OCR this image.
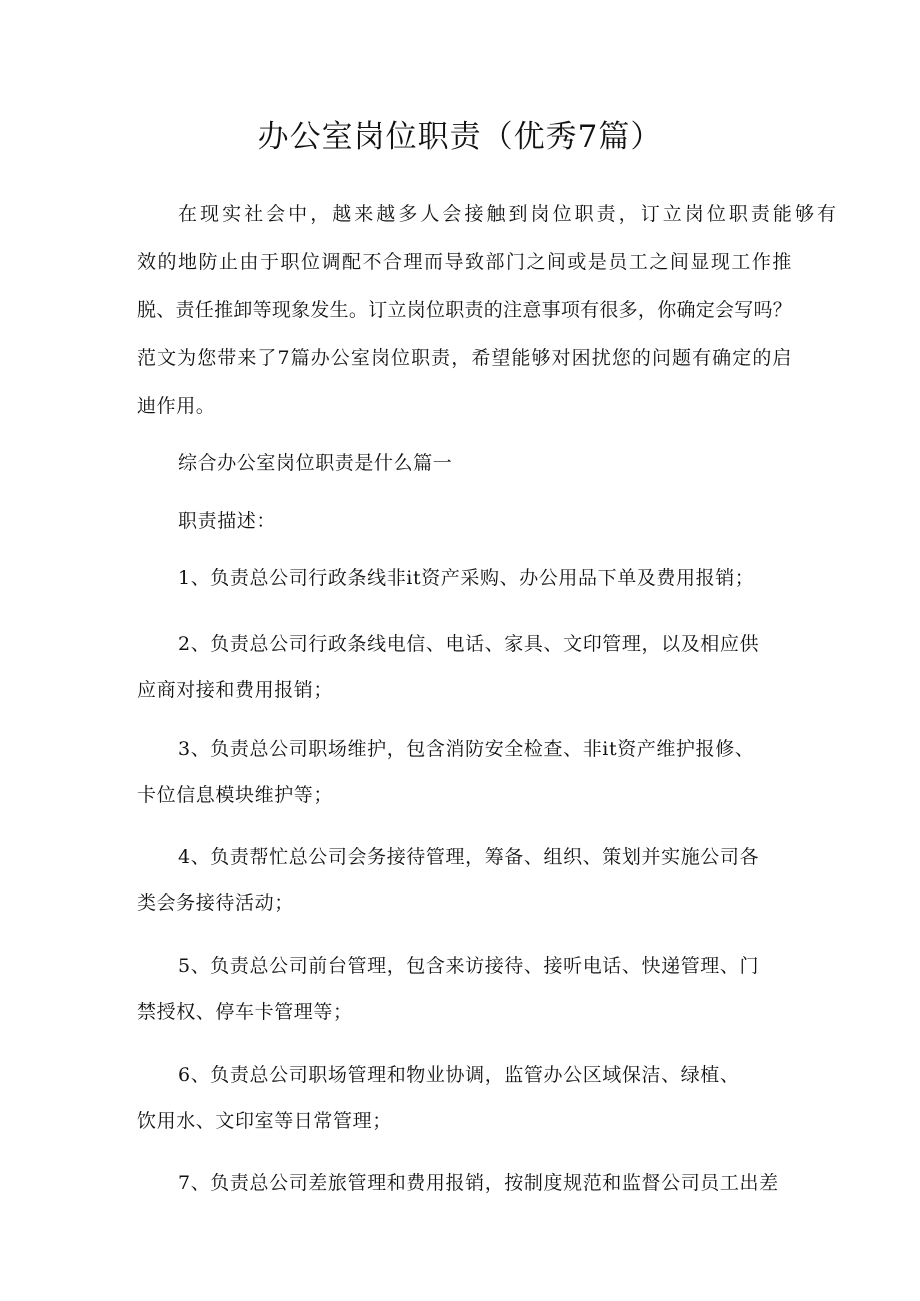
办公室岗位职责（优秀7篇）
在现实社会中，越来越多人会接触到岗位职责，订立岗位职责能够有
效的地防止由于职位调配不合理而导致部门之间或是员工之间显现工作推
脱、责任推卸等现象发生。订立岗位职责的注意事项有很多，你确定会写吗？
范文为您带来了7篇办公室岗位职责，希望能够对困扰您的问题有确定的启
迪作用。

综合办公室岗位职责是什么篇一

职责描述：

1、负责总公司行政条线非it资产采购、办公用品下单及费用报销；
2、负责总公司行政条线电信、电话、家具、文印管理，以及相应供
应商对接和费用报销；
3、负责总公司职场维护，包含消防安全检查、非it资产维护报修、
卡位信息模块维护等；
4、负责帮忙总公司会务接待管理，筹备、组织、策划并实施公司各
类会务接待活动；
5、负责总公司前台管理，包含来访接待、接听电话、快递管理、门
禁授权、停车卡管理等；
6、负责总公司职场管理和物业协调，监管办公区域保洁、绿植、
饮用水、文印室等日常管理；
7、负责总公司差旅管理和费用报销，按制度规范和监督公司员工出差
